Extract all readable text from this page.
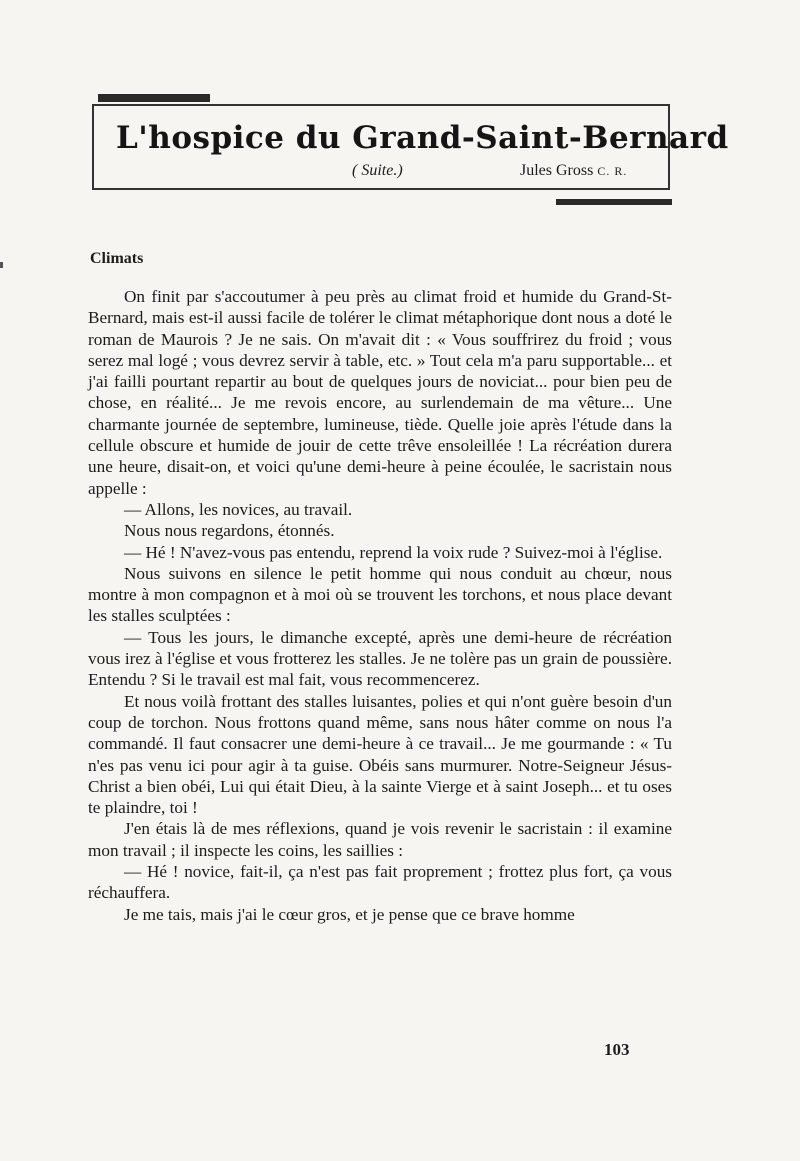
L'hospice du Grand-Saint-Bernard
( Suite.)	Jules Gross C. R.
Climats

On finit par s'accoutumer à peu près au climat froid et humide du Grand-St-Bernard, mais est-il aussi facile de tolérer le climat métaphorique dont nous a doté le roman de Maurois ? Je ne sais. On m'avait dit : « Vous souffrirez du froid ; vous serez mal logé ; vous devrez servir à table, etc. » Tout cela m'a paru supportable... et j'ai failli pourtant repartir au bout de quelques jours de noviciat... pour bien peu de chose, en réalité... Je me revois encore, au surlendemain de ma vêture... Une charmante journée de septembre, lumineuse, tiède. Quelle joie après l'étude dans la cellule obscure et humide de jouir de cette trêve ensoleillée ! La récréation durera une heure, disait-on, et voici qu'une demi-heure à peine écoulée, le sacristain nous appelle :

— Allons, les novices, au travail.

Nous nous regardons, étonnés.

— Hé ! N'avez-vous pas entendu, reprend la voix rude ? Suivez-moi à l'église.

Nous suivons en silence le petit homme qui nous conduit au chœur, nous montre à mon compagnon et à moi où se trouvent les torchons, et nous place devant les stalles sculptées :

— Tous les jours, le dimanche excepté, après une demi-heure de récréation vous irez à l'église et vous frotterez les stalles. Je ne tolère pas un grain de poussière. Entendu ? Si le travail est mal fait, vous recommencerez.

Et nous voilà frottant des stalles luisantes, polies et qui n'ont guère besoin d'un coup de torchon. Nous frottons quand même, sans nous hâter comme on nous l'a commandé. Il faut consacrer une demi-heure à ce travail... Je me gourmande : « Tu n'es pas venu ici pour agir à ta guise. Obéis sans murmurer. Notre-Seigneur Jésus-Christ a bien obéi, Lui qui était Dieu, à la sainte Vierge et à saint Joseph... et tu oses te plaindre, toi !

J'en étais là de mes réflexions, quand je vois revenir le sacristain : il examine mon travail ; il inspecte les coins, les saillies :

— Hé ! novice, fait-il, ça n'est pas fait proprement ; frottez plus fort, ça vous réchauffera.

Je me tais, mais j'ai le cœur gros, et je pense que ce brave homme

103
